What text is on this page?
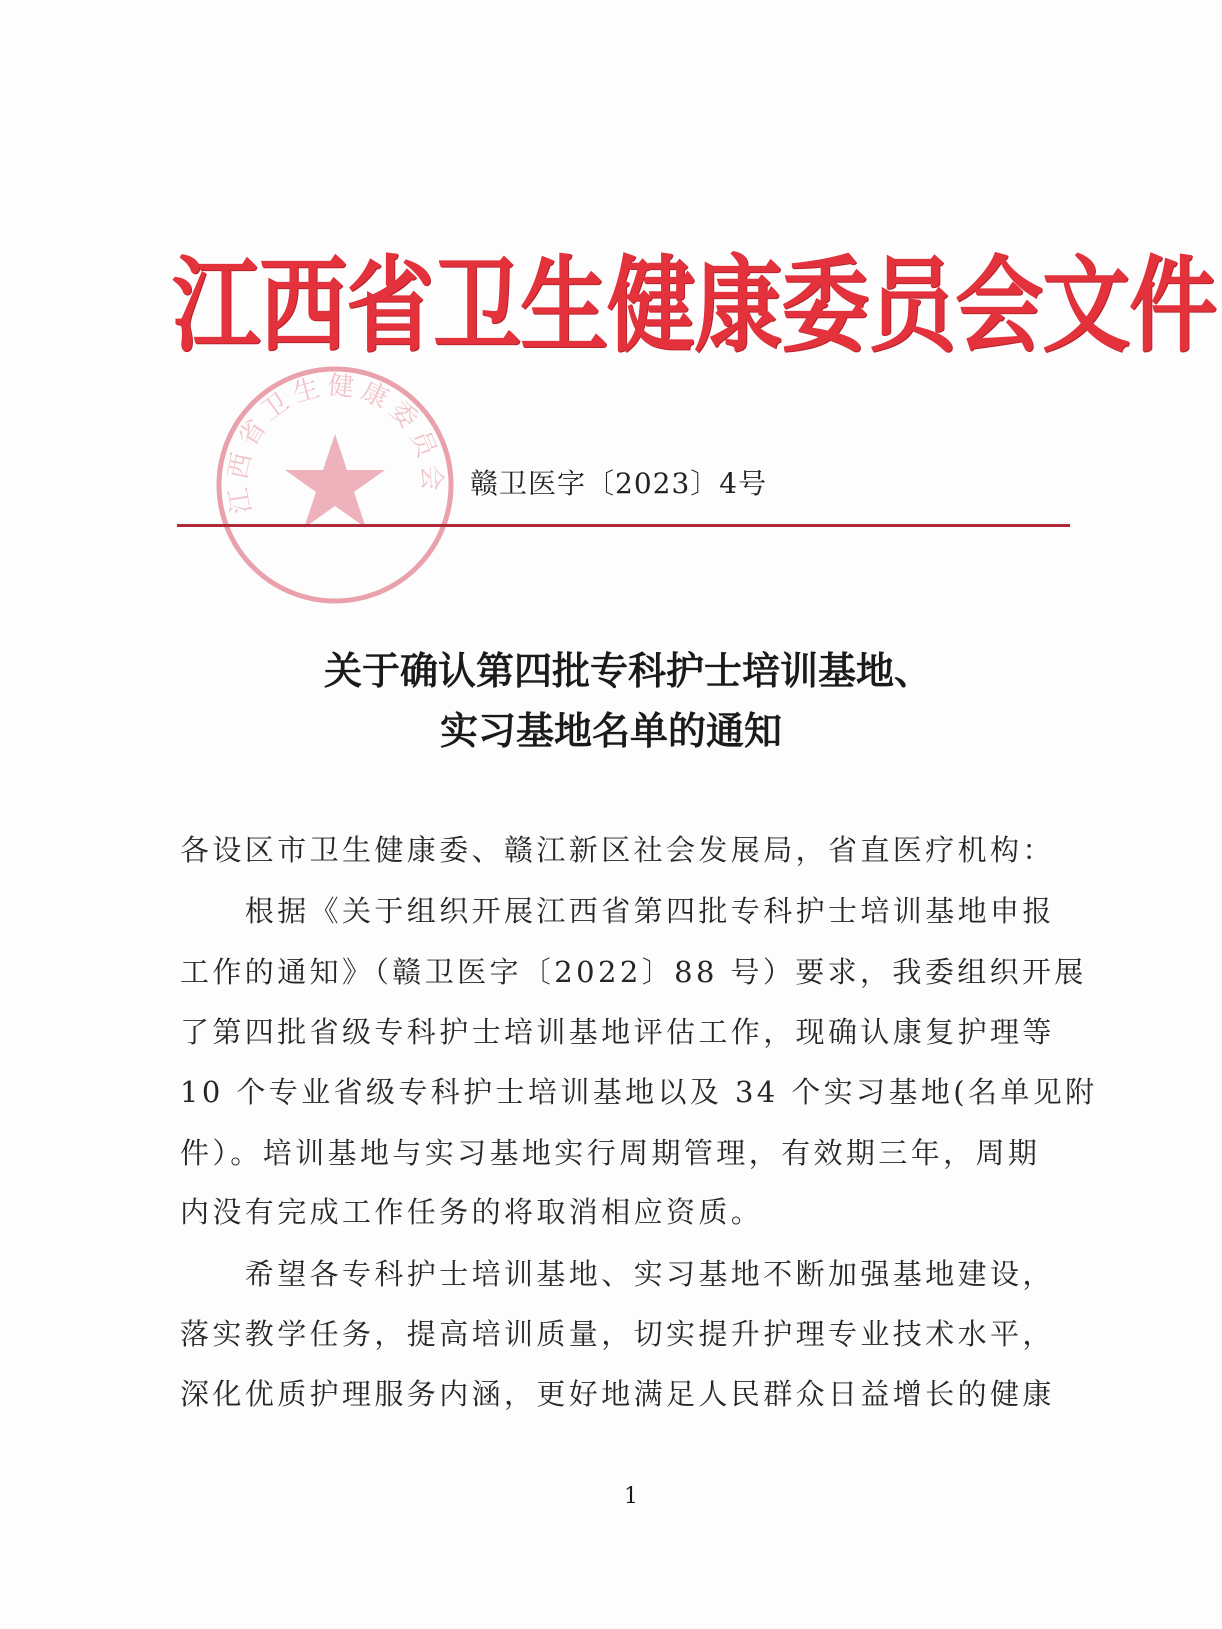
江西省卫生健康委员会文件
江西省卫生健康委员会 赣卫医字〔2023〕4号
关于确认第四批专科护士培训基地、
实习基地名单的通知
各设区市卫生健康委、赣江新区社会发展局，省直医疗机构：
　　根据《关于组织开展江西省第四批专科护士培训基地申报
工作的通知》（赣卫医字〔2022〕88 号）要求，我委组织开展
了第四批省级专科护士培训基地评估工作，现确认康复护理等
10 个专业省级专科护士培训基地以及 34 个实习基地(名单见附
件）。培训基地与实习基地实行周期管理，有效期三年，周期
内没有完成工作任务的将取消相应资质。
　　希望各专科护士培训基地、实习基地不断加强基地建设，
落实教学任务，提高培训质量，切实提升护理专业技术水平，
深化优质护理服务内涵，更好地满足人民群众日益增长的健康
1
